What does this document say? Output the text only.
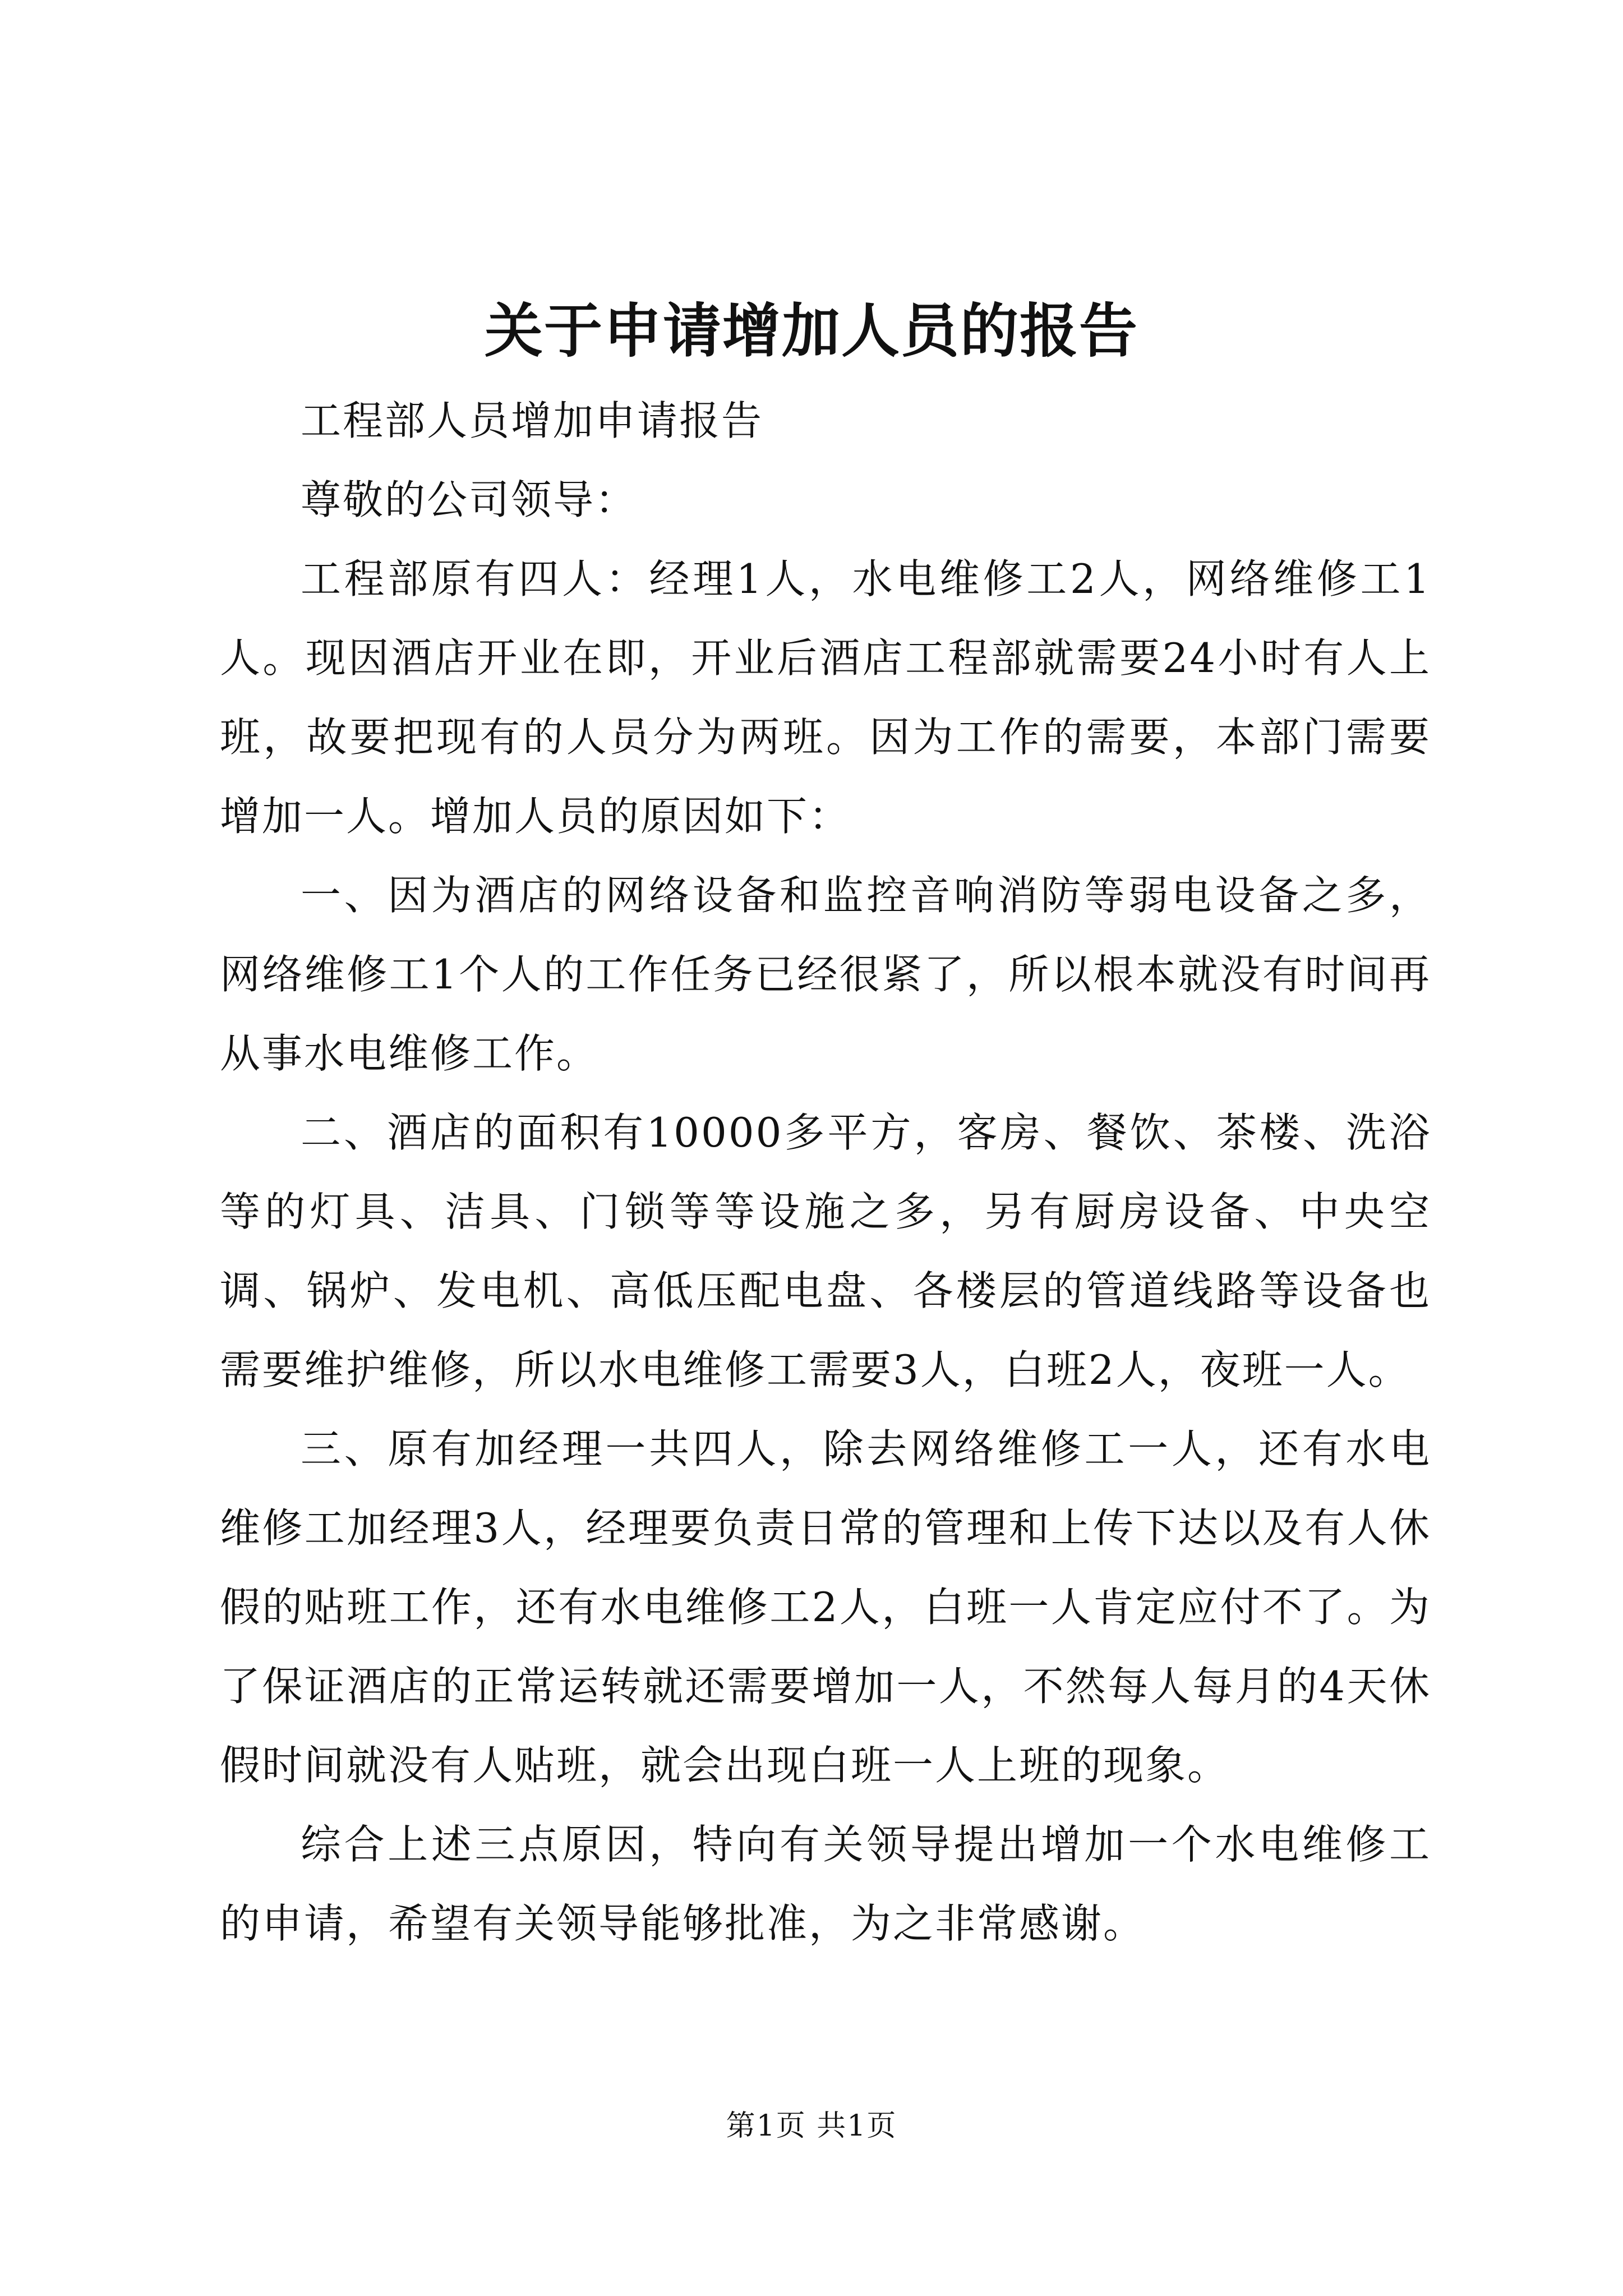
关于申请增加人员的报告

工程部人员增加申请报告

尊敬的公司领导：

工程部原有四人：经理1人，水电维修工2人，网络维修工1人。现因酒店开业在即，开业后酒店工程部就需要24小时有人上班，故要把现有的人员分为两班。因为工作的需要，本部门需要增加一人。增加人员的原因如下：

一、因为酒店的网络设备和监控音响消防等弱电设备之多，网络维修工1个人的工作任务已经很紧了，所以根本就没有时间再从事水电维修工作。

二、酒店的面积有10000多平方，客房、餐饮、茶楼、洗浴等的灯具、洁具、门锁等等设施之多，另有厨房设备、中央空调、锅炉、发电机、高低压配电盘、各楼层的管道线路等设备也需要维护维修，所以水电维修工需要3人，白班2人，夜班一人。

三、原有加经理一共四人，除去网络维修工一人，还有水电维修工加经理3人，经理要负责日常的管理和上传下达以及有人休假的贴班工作，还有水电维修工2人，白班一人肯定应付不了。为了保证酒店的正常运转就还需要增加一人，不然每人每月的4天休假时间就没有人贴班，就会出现白班一人上班的现象。

综合上述三点原因，特向有关领导提出增加一个水电维修工的申请，希望有关领导能够批准，为之非常感谢。

第1页 共1页
